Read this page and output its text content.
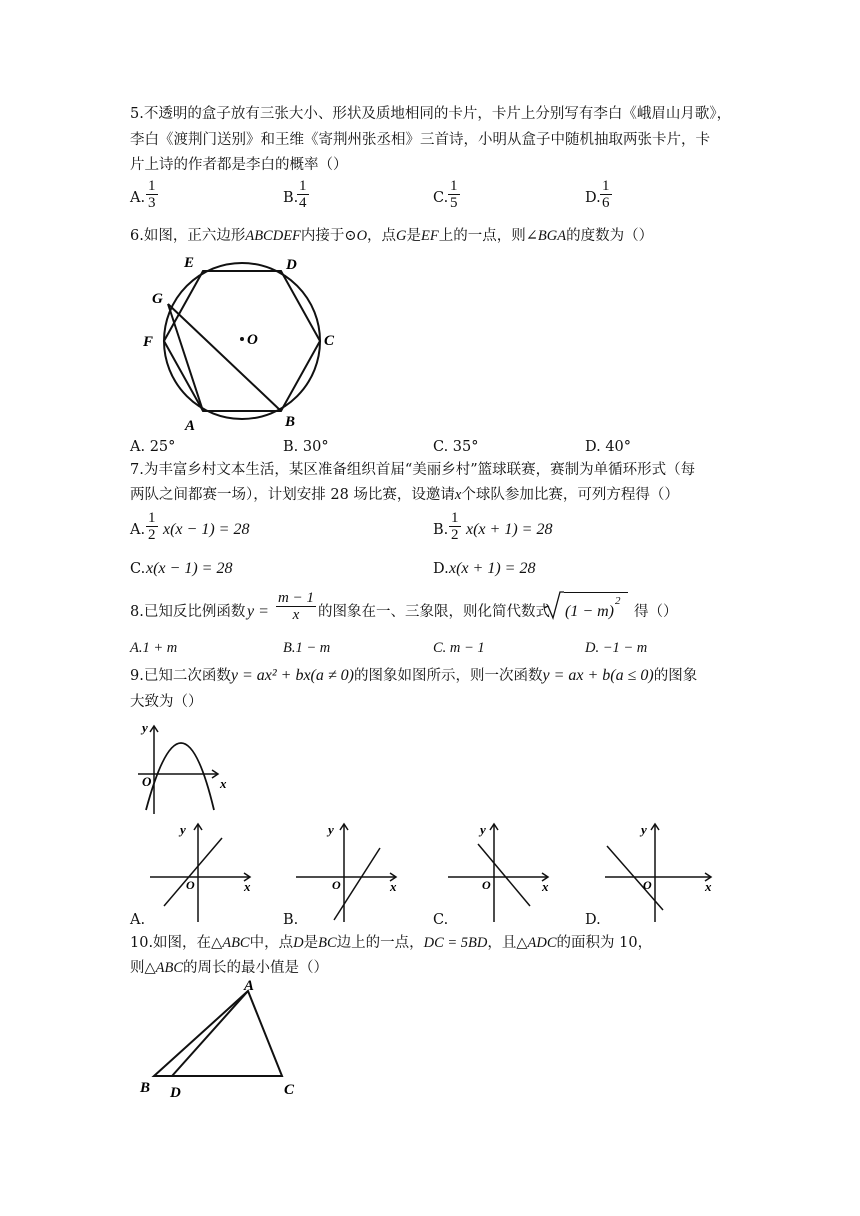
5.不透明的盒子放有三张大小、形状及质地相同的卡片，卡片上分别写有李白《峨眉山月歌》，
李白《渡荆门送别》和王维《寄荆州张丞相》三首诗，小明从盒子中随机抽取两张卡片，卡
片上诗的作者都是李白的概率（）
A. $\frac{1}{3}$	B.
$\frac{1}{4}$	C. $\frac{1}{5}$	D. $\frac{1}{6}$
6.如图，正六边形ABCDEF内接于⊙O，点G是EF上的一点，则∠BGA的度数为（）
E	D
G
F	O	C
A	B
A. 25°	B. 30°	C. 35°	D. 40°
7.为丰富乡村文本生活，某区准备组织首届“美丽乡村”篮球联赛，赛制为单循环形式（每
两队之间都赛一场），计划安排 28 场比赛，设邀请x个球队参加比赛，可列方程得（）
A. $\frac{1}{2} x(x - 1) = 28$	B. $\frac{1}{2} x(x + 1) = 28$
C. x(x − 1) = 28	D. x(x + 1) = 28
8.已知反比例函数 $y = \frac{m - 1}{x}$ 的图象在一、三象限，则化简代数式 (1 − m)
2
得（）
A.1 + m	B.1 − m	C. m − 1	D. −1 − m
9.已知二次函数y = ax² + bx(a ≠ 0)的图象如图所示，则一次函数y = ax + b(a ≤ 0)的图象
大致为（）
y
x
O
y
x
O
y
x
O
y
x
O
y
x
O
A.	B.	C.	D.
10.如图，在△ABC中，点D是BC边上的一点，DC = 5BD，且△ADC的面积为 10，
则△ABC的周长的最小值是（）
A
B D	C
